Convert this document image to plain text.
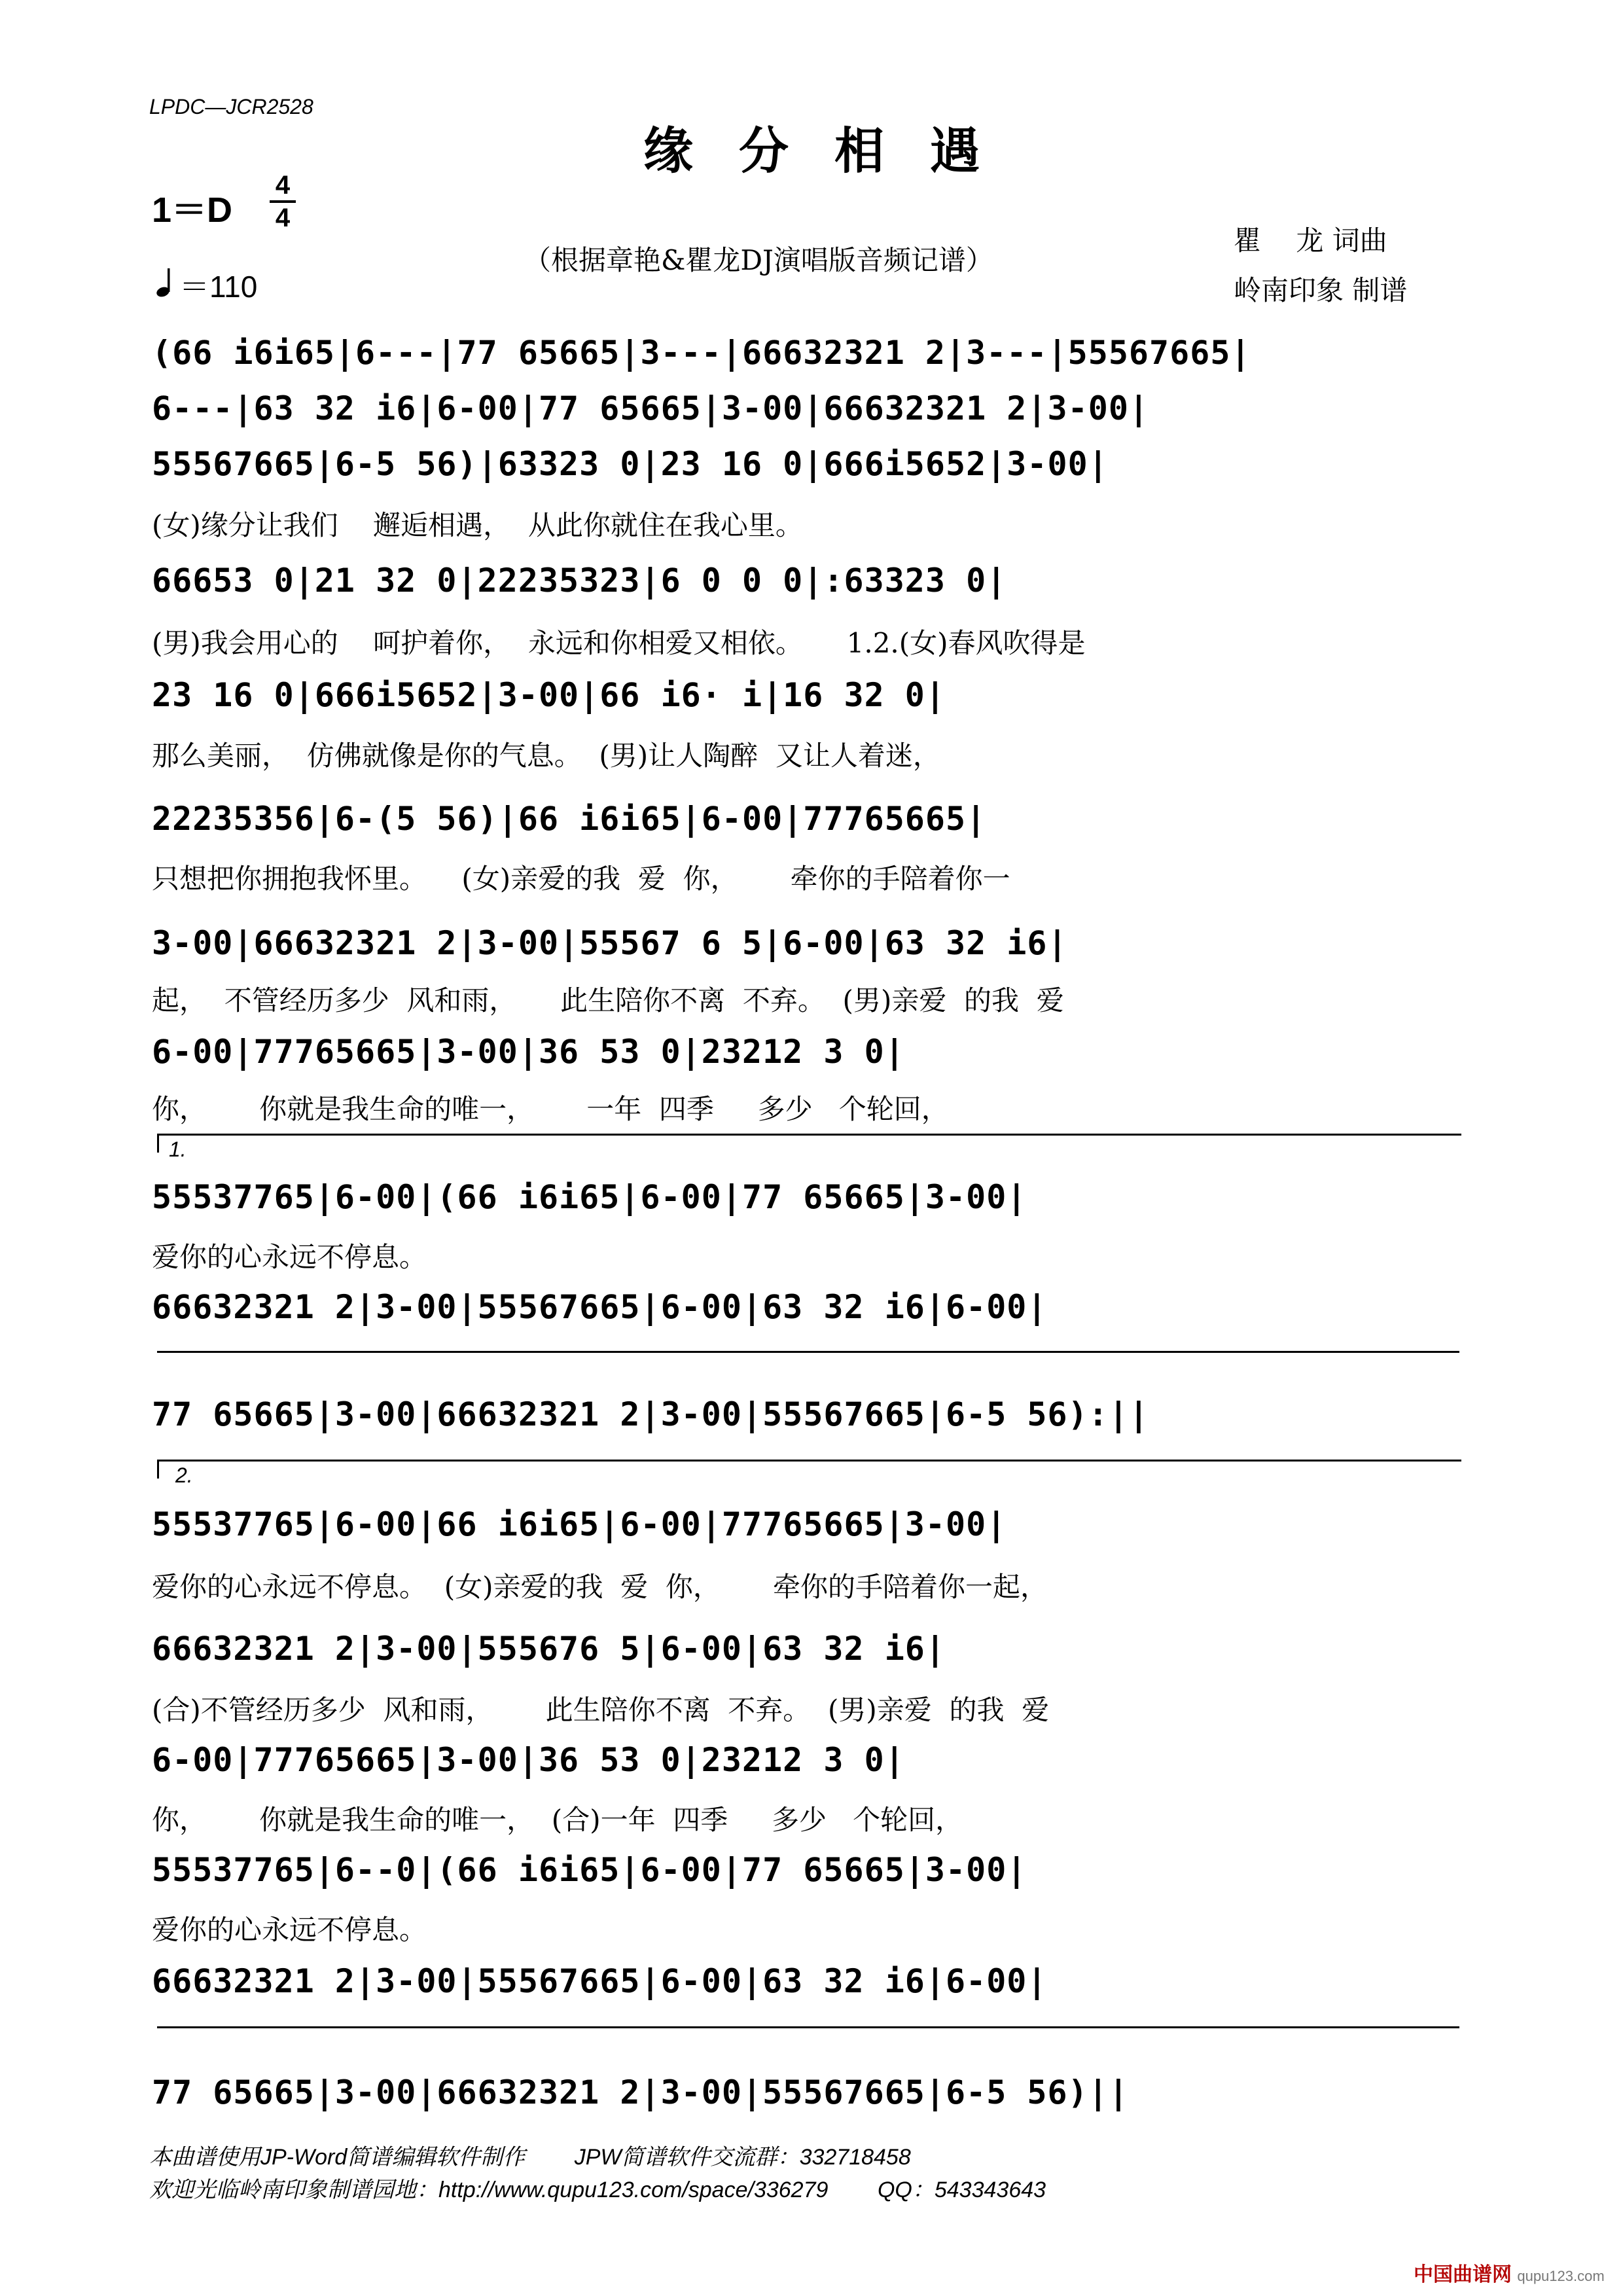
LPDC—JCR2528
缘分相遇
1＝D
4
4
（根据章艳&瞿龙DJ演唱版音频记谱）
瞿    龙 词曲
岭南印象 制谱
＝110
(66 i6i65|6---|77 65665|3---|66632321 2|3---|55567665|
6---|63 32 i6|6-00|77 65665|3-00|66632321 2|3-00|
55567665|6-5 56)|63323 0|23 16 0|666i5652|3-00|
(女)缘分让我们    邂逅相遇，  从此你就住在我心里。
66653 0|21 32 0|22235323|6 0 0 0|:63323 0|
(男)我会用心的    呵护着你，  永远和你相爱又相依。     1.2.(女)春风吹得是
23 16 0|666i5652|3-00|66 i6· i|16 32 0|
那么美丽，  仿佛就像是你的气息。  (男)让人陶醉  又让人着迷，
22235356|6-(5 56)|66 i6i65|6-00|77765665|
只想把你拥抱我怀里。    (女)亲爱的我  爱  你，      牵你的手陪着你一
3-00|66632321 2|3-00|55567 6 5|6-00|63 32 i6|
起，  不管经历多少  风和雨，     此生陪你不离  不弃。  (男)亲爱  的我  爱
6-00|77765665|3-00|36 53 0|23212 3 0|
你，      你就是我生命的唯一，      一年  四季     多少   个轮回，
1.
55537765|6-00|(66 i6i65|6-00|77 65665|3-00|
爱你的心永远不停息。
66632321 2|3-00|55567665|6-00|63 32 i6|6-00|
77 65665|3-00|66632321 2|3-00|55567665|6-5 56):||
2.
55537765|6-00|66 i6i65|6-00|77765665|3-00|
爱你的心永远不停息。  (女)亲爱的我  爱  你，      牵你的手陪着你一起，
66632321 2|3-00|555676 5|6-00|63 32 i6|
(合)不管经历多少  风和雨，      此生陪你不离  不弃。  (男)亲爱  的我  爱
6-00|77765665|3-00|36 53 0|23212 3 0|
你，      你就是我生命的唯一，  (合)一年  四季     多少   个轮回，
55537765|6--0|(66 i6i65|6-00|77 65665|3-00|
爱你的心永远不停息。
66632321 2|3-00|55567665|6-00|63 32 i6|6-00|
77 65665|3-00|66632321 2|3-00|55567665|6-5 56)||
本曲谱使用JP-Word简谱编辑软件制作        JPW简谱软件交流群：332718458
欢迎光临岭南印象制谱园地：http://www.qupu123.com/space/336279        QQ：543343643
中国曲谱网 qupu123.com
